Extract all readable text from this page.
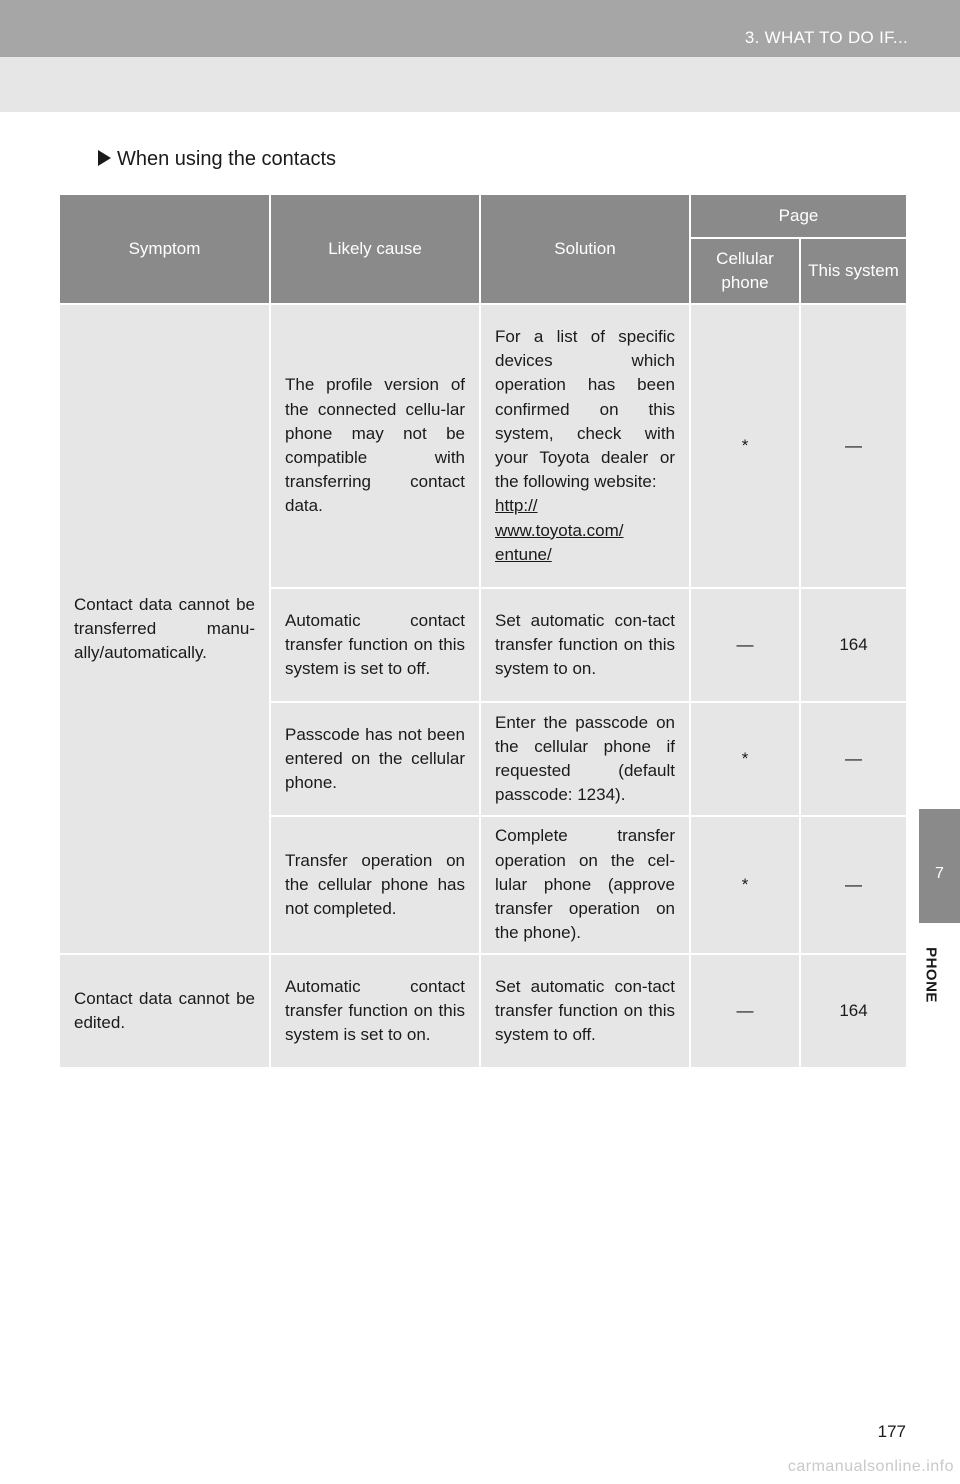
3. WHAT TO DO IF...
When using the contacts
Symptom	Likely cause	Solution	Page	
			Cellular phone	This system
Contact data cannot be transferred manu-ally/automatically.	The profile version of the connected cellu-lar phone may not be compatible with transferring contact data.	For a list of specific devices which operation has been confirmed on this system, check with your Toyota dealer or the following website:
http://
www.toyota.com/
entune/	*	—
	Automatic contact transfer function on this system is set to off.	Set automatic con-tact transfer function on this system to on.	—	164
	Passcode has not been entered on the cellular phone.	Enter the passcode on the cellular phone if requested (default passcode: 1234).	*	—
	Transfer operation on the cellular phone has not completed.	Complete transfer operation on the cel-lular phone (approve transfer operation on the phone).	*	—
Contact data cannot be edited.	Automatic contact transfer function on this system is set to on.	Set automatic con-tact transfer function on this system to off.	—	164
7
PHONE
177
carmanualsonline.info
